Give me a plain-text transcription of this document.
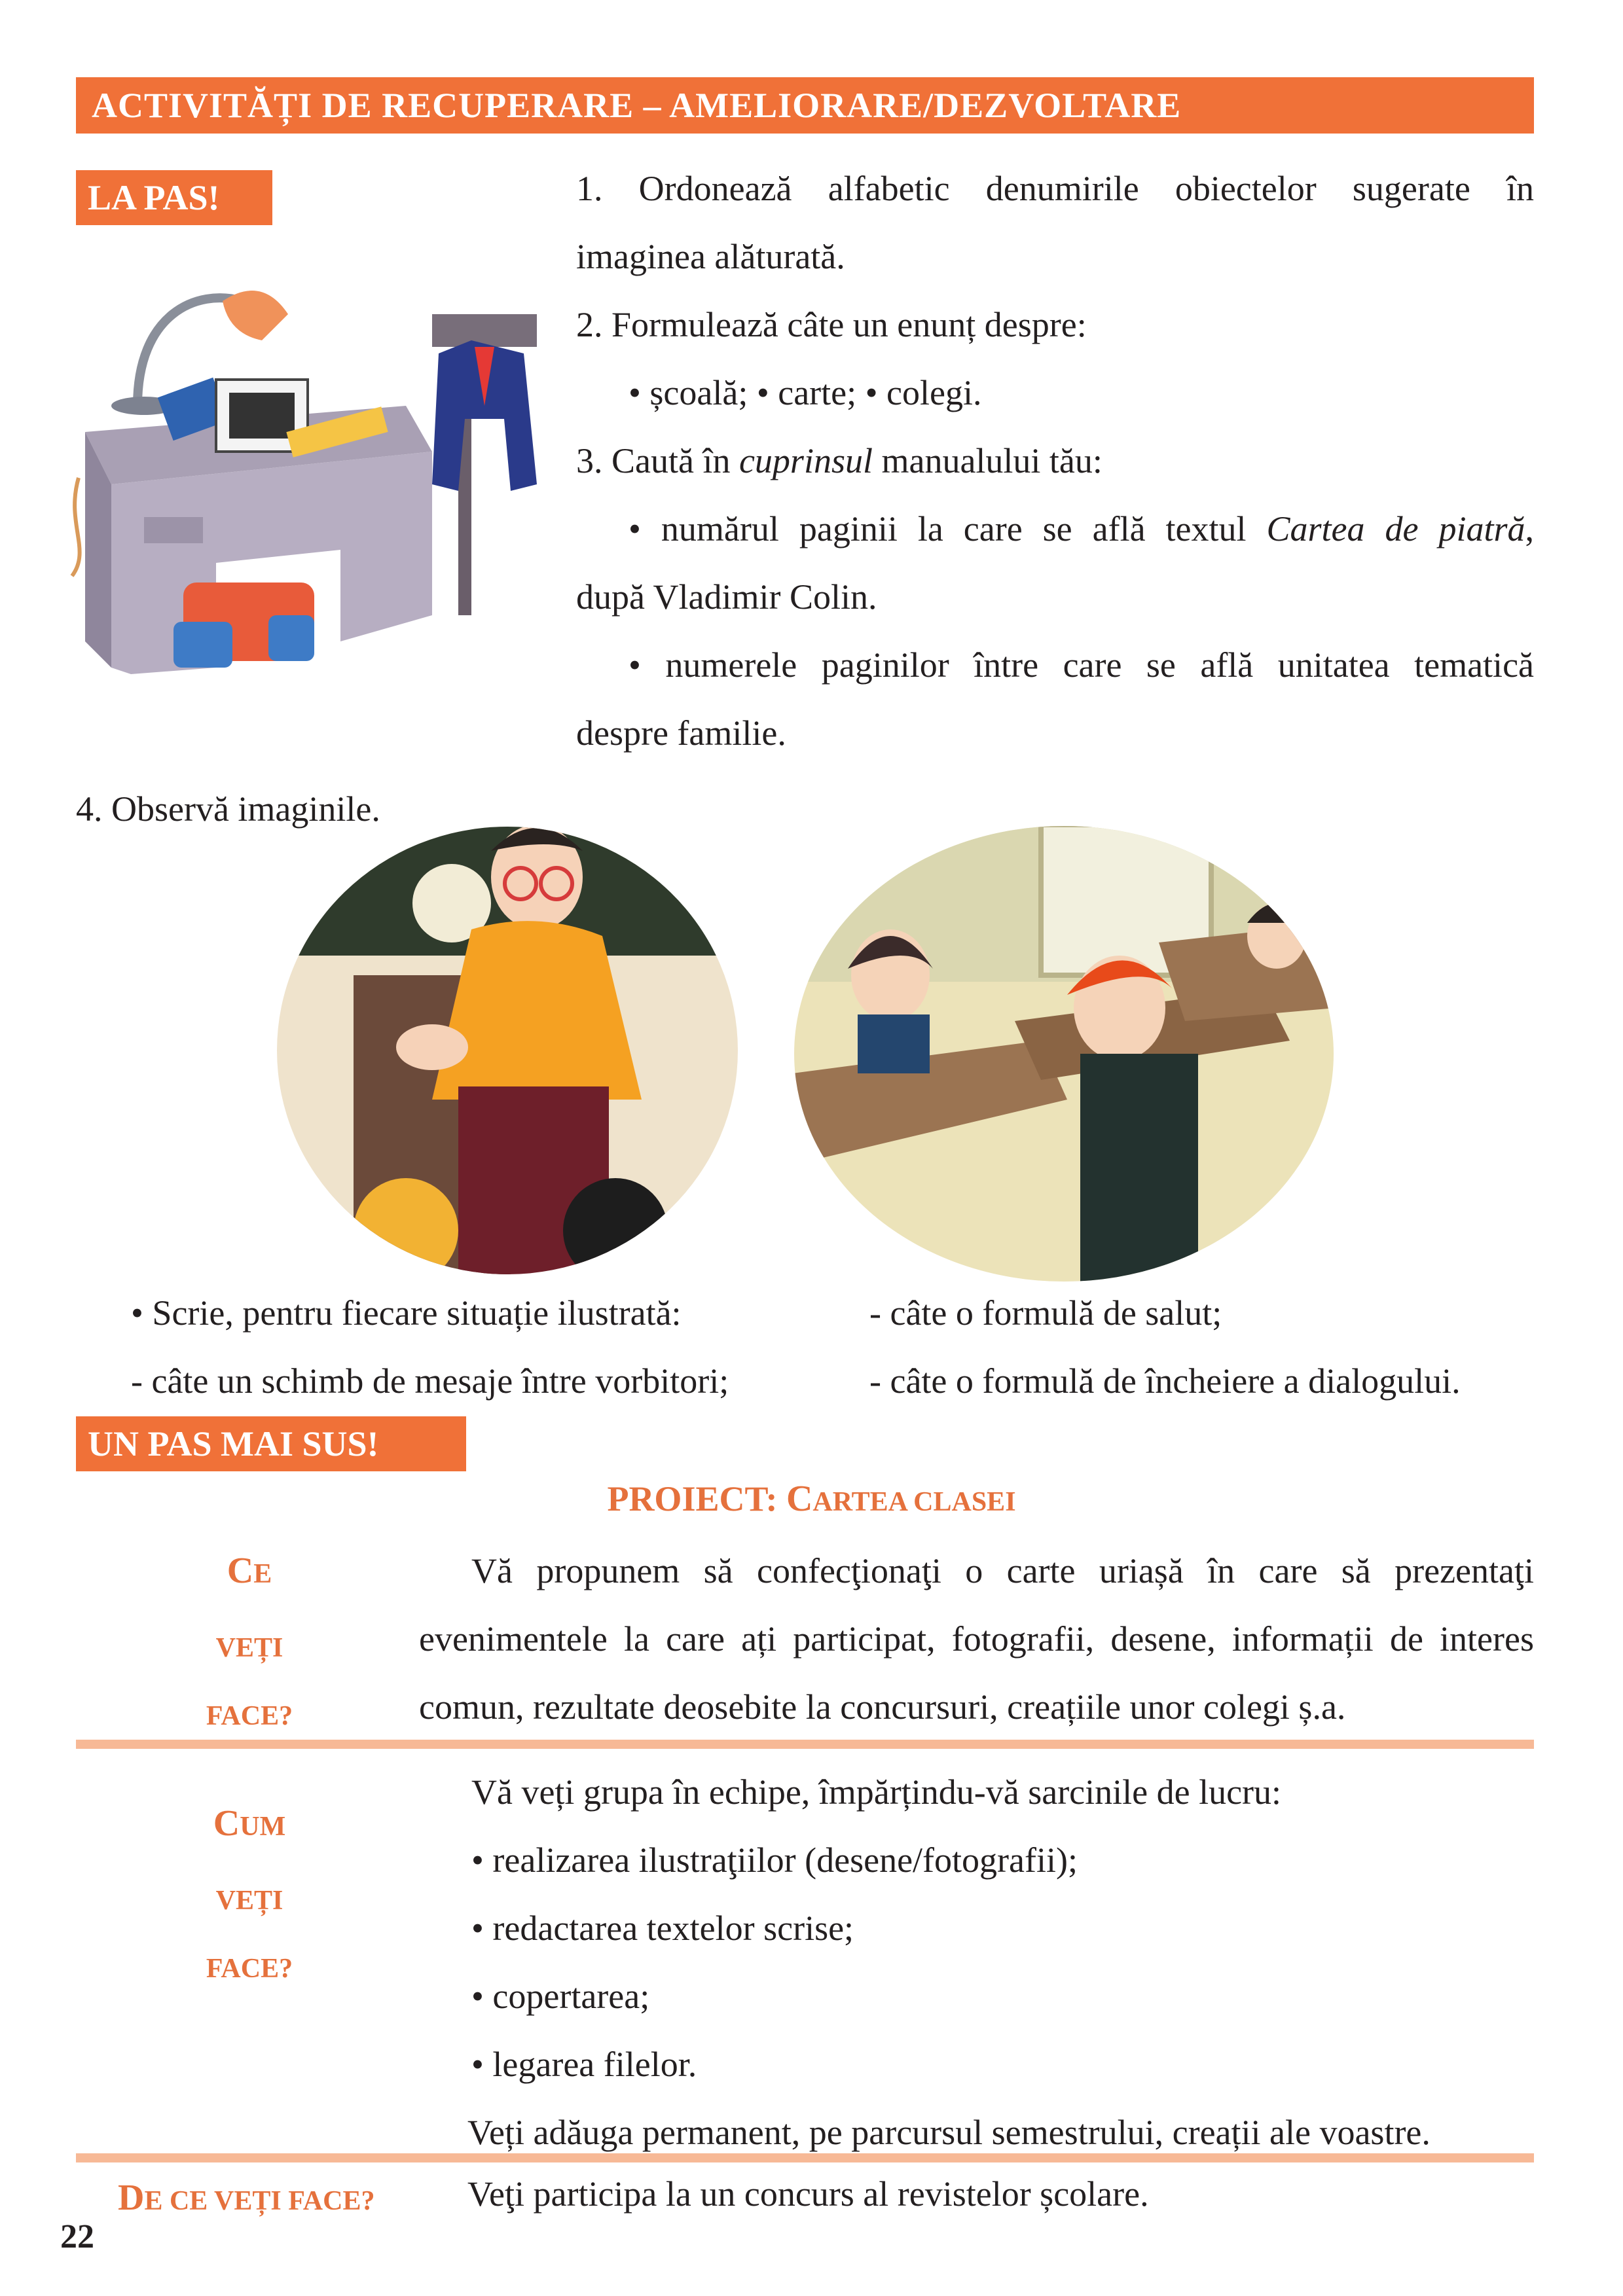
ACTIVITĂȚI DE RECUPERARE – AMELIORARE/DEZVOLTARE
LA PAS!	1. Ordonează alfabetic denumirile obiectelor sugerate în
imaginea alăturată.
2. Formulează câte un enunț despre:
• școală; • carte; • colegi.
3. Caută în cuprinsul manualului tău:
• numărul paginii la care se află textul Cartea de piatră,
după Vladimir Colin.
• numerele paginilor între care se află unitatea tematică
despre familie.
4. Observă imaginile.
• Scrie, pentru fiecare situație ilustrată:
- câte un schimb de mesaje între vorbitori;
- câte o formulă de salut;
- câte o formulă de încheiere a dialogului.
UN PAS MAI SUS!
PROIECT: CARTEA CLASEI
CE
VEȚI
FACE?
Vă propunem să confecţionaţi o carte uriașă în care să prezentaţi
evenimentele la care ați participat, fotografii, desene, informații de interes
comun, rezultate deosebite la concursuri, creațiile unor colegi ș.a.
CUM
VEȚI
FACE?
Vă veți grupa în echipe, împărțindu-vă sarcinile de lucru:
• realizarea ilustraţiilor (desene/fotografii);
• redactarea textelor scrise;
• copertarea;
• legarea filelor.
Veți adăuga permanent, pe parcursul semestrului, creații ale voastre.
DE CE VEȚI FACE?	Veţi participa la un concurs al revistelor școlare.
22
